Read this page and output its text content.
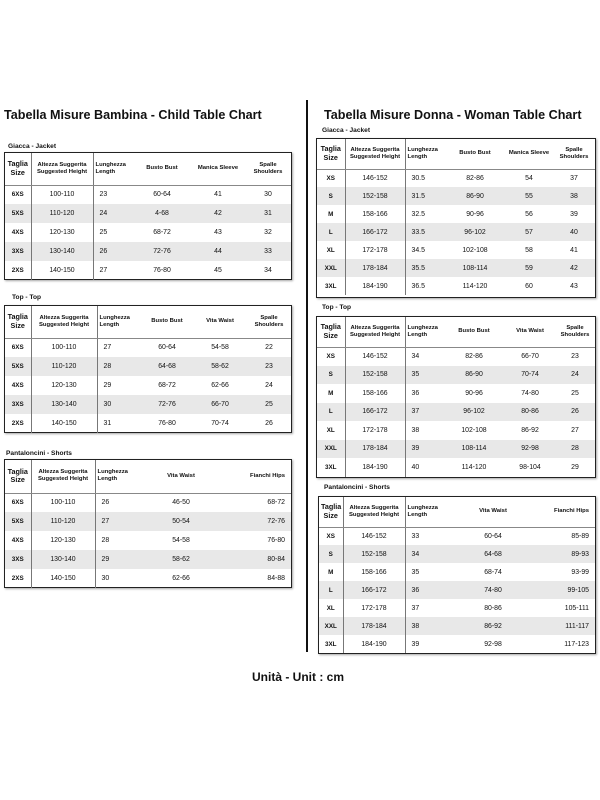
Tabella Misure Bambina - Child Table Chart
Giacca - Jacket
Taglia Size	Altezza Suggerita Suggested Height	Lunghezza Length	Busto Bust	Manica Sleeve	Spalle Shoulders
6XS	100-110	23	60-64	41	30
5XS	110-120	24	4-68	42	31
4XS	120-130	25	68-72	43	32
3XS	130-140	26	72-76	44	33
2XS	140-150	27	76-80	45	34
Top - Top
Taglia Size	Altezza Suggerita Suggested Height	Lunghezza Length	Busto Bust	Vita Waist	Spalle Shoulders
6XS	100-110	27	60-64	54-58	22
5XS	110-120	28	64-68	58-62	23
4XS	120-130	29	68-72	62-66	24
3XS	130-140	30	72-76	66-70	25
2XS	140-150	31	76-80	70-74	26
Pantaloncini - Shorts
Taglia Size	Altezza Suggerita Suggested Height	Lunghezza Length	Vita Waist	Fianchi Hips
6XS	100-110	26	46-50	68-72
5XS	110-120	27	50-54	72-76
4XS	120-130	28	54-58	76-80
3XS	130-140	29	58-62	80-84
2XS	140-150	30	62-66	84-88
Tabella Misure Donna - Woman Table Chart
Giacca - Jacket
Taglia Size	Altezza Suggerita Suggested Height	Lunghezza Length	Busto Bust	Manica Sleeve	Spalle Shoulders
XS	146-152	30.5	82-86	54	37
S	152-158	31.5	86-90	55	38
M	158-166	32.5	90-96	56	39
L	166-172	33.5	96-102	57	40
XL	172-178	34.5	102-108	58	41
XXL	178-184	35.5	108-114	59	42
3XL	184-190	36.5	114-120	60	43
Top - Top
Taglia Size	Altezza Suggerita Suggested Height	Lunghezza Length	Busto Bust	Vita Waist	Spalle Shoulders
XS	146-152	34	82-86	66-70	23
S	152-158	35	86-90	70-74	24
M	158-166	36	90-96	74-80	25
L	166-172	37	96-102	80-86	26
XL	172-178	38	102-108	86-92	27
XXL	178-184	39	108-114	92-98	28
3XL	184-190	40	114-120	98-104	29
Pantaloncini - Shorts
Taglia Size	Altezza Suggerita Suggested Height	Lunghezza Length	Vita Waist	Fianchi Hips
XS	146-152	33	60-64	85-89
S	152-158	34	64-68	89-93
M	158-166	35	68-74	93-99
L	166-172	36	74-80	99-105
XL	172-178	37	80-86	105-111
XXL	178-184	38	86-92	111-117
3XL	184-190	39	92-98	117-123
Unità - Unit : cm
